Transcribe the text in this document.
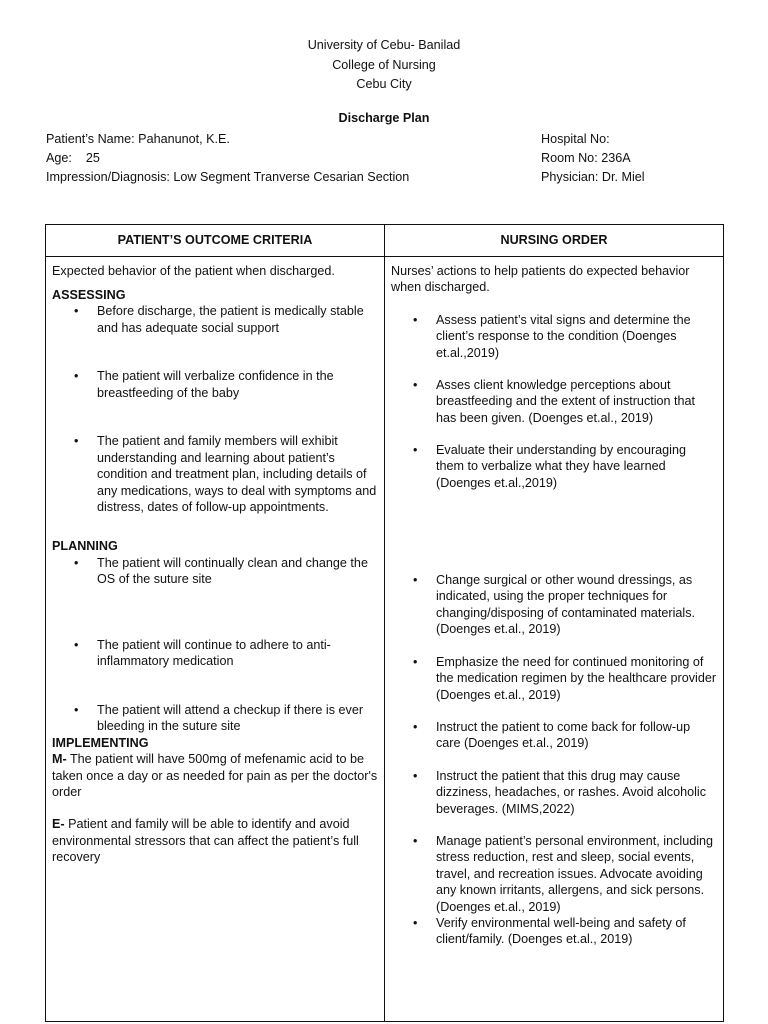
University of Cebu- Banilad
College of Nursing
Cebu City
Discharge Plan
Patient’s Name: Pahanunot, K.E.
Age:    25
Impression/Diagnosis: Low Segment Tranverse Cesarian Section
Hospital No:
Room No: 236A
Physician: Dr. Miel
PATIENT’S OUTCOME CRITERIA	NURSING ORDER

Expected behavior of the patient when discharged.

ASSESSING

• Before discharge, the patient is medically stable and has adequate social support
• The patient will verbalize confidence in the breastfeeding of the baby
• The patient and family members will exhibit understanding and learning about patient’s condition and treatment plan, including details of any medications, ways to deal with symptoms and distress, dates of follow-up appointments.

PLANNING

• The patient will continually clean and change the OS of the suture site
• The patient will continue to adhere to anti-inflammatory medication
• The patient will attend a checkup if there is ever bleeding in the suture site

IMPLEMENTING

M- The patient will have 500mg of mefenamic acid to be taken once a day or as needed for pain as per the doctor's order

E- Patient and family will be able to identify and avoid environmental stressors that can affect the patient’s full recovery

Nurses’ actions to help patients do expected behavior when discharged.

• Assess patient’s vital signs and determine the client’s response to the condition (Doenges et.al.,2019)
• Asses client knowledge perceptions about breastfeeding and the extent of instruction that has been given. (Doenges et.al., 2019)
• Evaluate their understanding by encouraging them to verbalize what they have learned (Doenges et.al.,2019)
• Change surgical or other wound dressings, as indicated, using the proper techniques for changing/disposing of contaminated materials. (Doenges et.al., 2019)
• Emphasize the need for continued monitoring of the medication regimen by the healthcare provider (Doenges et.al., 2019)
• Instruct the patient to come back for follow-up care (Doenges et.al., 2019)
• Instruct the patient that this drug may cause dizziness, headaches, or rashes. Avoid alcoholic beverages. (MIMS,2022)
• Manage patient’s personal environment, including stress reduction, rest and sleep, social events, travel, and recreation issues. Advocate avoiding any known irritants, allergens, and sick persons. (Doenges et.al., 2019)
• Verify environmental well-being and safety of client/family. (Doenges et.al., 2019)
